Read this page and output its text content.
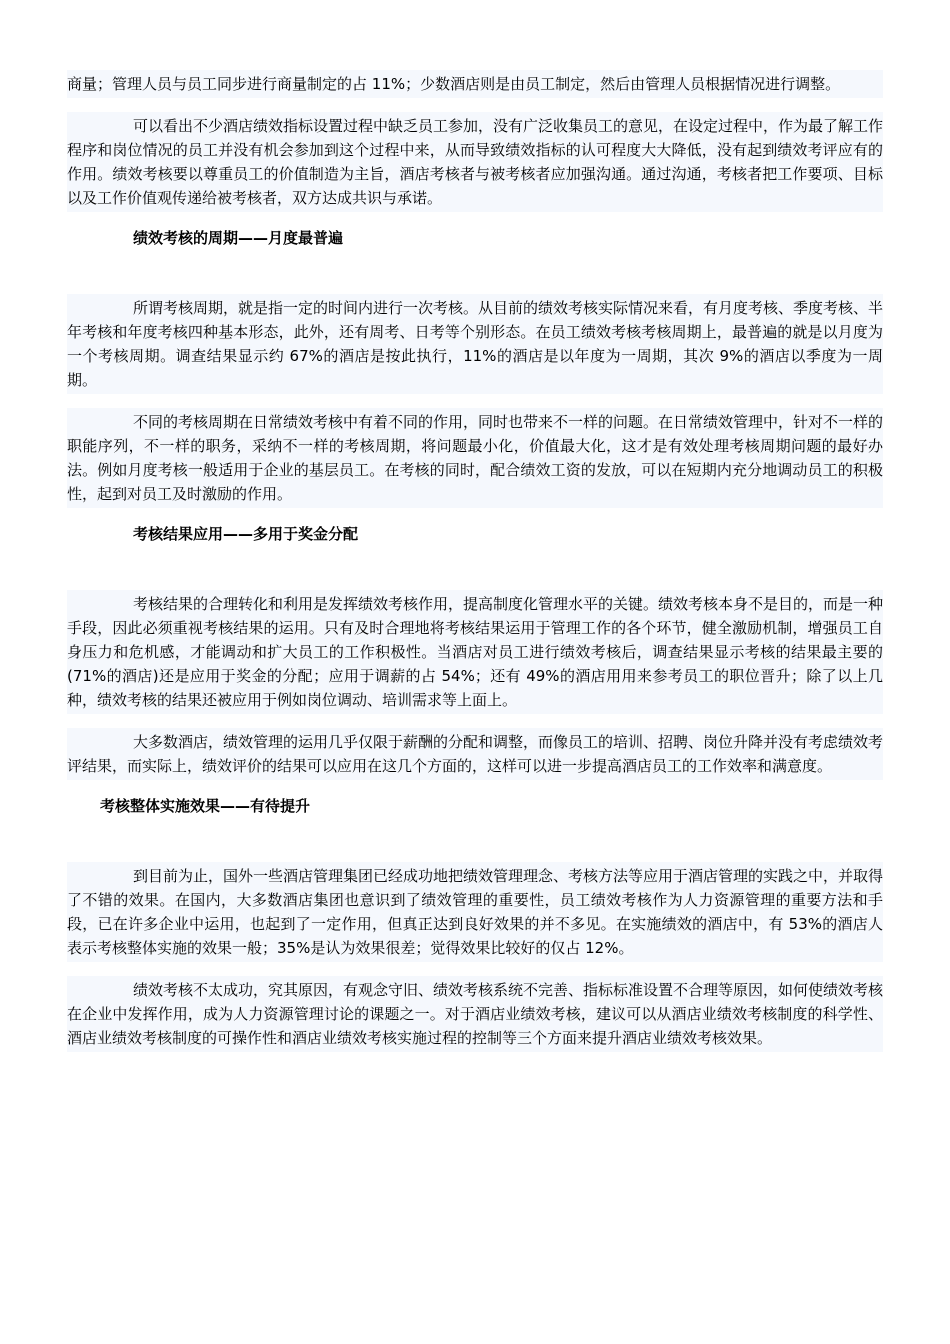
商量；管理人员与员工同步进行商量制定的占 11%；少数酒店则是由员工制定，然后由管理人员根据情况进行调整。

可以看出不少酒店绩效指标设置过程中缺乏员工参加，没有广泛收集员工的意见，在设定过程中，作为最了解工作程序和岗位情况的员工并没有机会参加到这个过程中来，从而导致绩效指标的认可程度大大降低，没有起到绩效考评应有的作用。绩效考核要以尊重员工的价值制造为主旨，酒店考核者与被考核者应加强沟通。通过沟通，考核者把工作要项、目标以及工作价值观传递给被考核者，双方达成共识与承诺。

绩效考核的周期——月度最普遍

所谓考核周期，就是指一定的时间内进行一次考核。从目前的绩效考核实际情况来看，有月度考核、季度考核、半年考核和年度考核四种基本形态，此外，还有周考、日考等个别形态。在员工绩效考核考核周期上，最普遍的就是以月度为一个考核周期。调查结果显示约 67%的酒店是按此执行，11%的酒店是以年度为一周期，其次 9%的酒店以季度为一周期。

不同的考核周期在日常绩效考核中有着不同的作用，同时也带来不一样的问题。在日常绩效管理中，针对不一样的职能序列，不一样的职务，采纳不一样的考核周期，将问题最小化，价值最大化，这才是有效处理考核周期问题的最好办法。例如月度考核一般适用于企业的基层员工。在考核的同时，配合绩效工资的发放，可以在短期内充分地调动员工的积极性，起到对员工及时激励的作用。

考核结果应用——多用于奖金分配

考核结果的合理转化和利用是发挥绩效考核作用，提高制度化管理水平的关键。绩效考核本身不是目的，而是一种手段，因此必须重视考核结果的运用。只有及时合理地将考核结果运用于管理工作的各个环节，健全激励机制，增强员工自身压力和危机感，才能调动和扩大员工的工作积极性。当酒店对员工进行绩效考核后，调查结果显示考核的结果最主要的(71%的酒店)还是应用于奖金的分配；应用于调薪的占 54%；还有 49%的酒店用用来参考员工的职位晋升；除了以上几种，绩效考核的结果还被应用于例如岗位调动、培训需求等上面上。

大多数酒店，绩效管理的运用几乎仅限于薪酬的分配和调整，而像员工的培训、招聘、岗位升降并没有考虑绩效考评结果，而实际上，绩效评价的结果可以应用在这几个方面的，这样可以进一步提高酒店员工的工作效率和满意度。

考核整体实施效果——有待提升

到目前为止，国外一些酒店管理集团已经成功地把绩效管理理念、考核方法等应用于酒店管理的实践之中，并取得了不错的效果。在国内，大多数酒店集团也意识到了绩效管理的重要性，员工绩效考核作为人力资源管理的重要方法和手段，已在许多企业中运用，也起到了一定作用，但真正达到良好效果的并不多见。在实施绩效的酒店中，有 53%的酒店人表示考核整体实施的效果一般；35%是认为效果很差；觉得效果比较好的仅占 12%。

绩效考核不太成功，究其原因，有观念守旧、绩效考核系统不完善、指标标准设置不合理等原因，如何使绩效考核在企业中发挥作用，成为人力资源管理讨论的课题之一。对于酒店业绩效考核，建议可以从酒店业绩效考核制度的科学性、酒店业绩效考核制度的可操作性和酒店业绩效考核实施过程的控制等三个方面来提升酒店业绩效考核效果。
